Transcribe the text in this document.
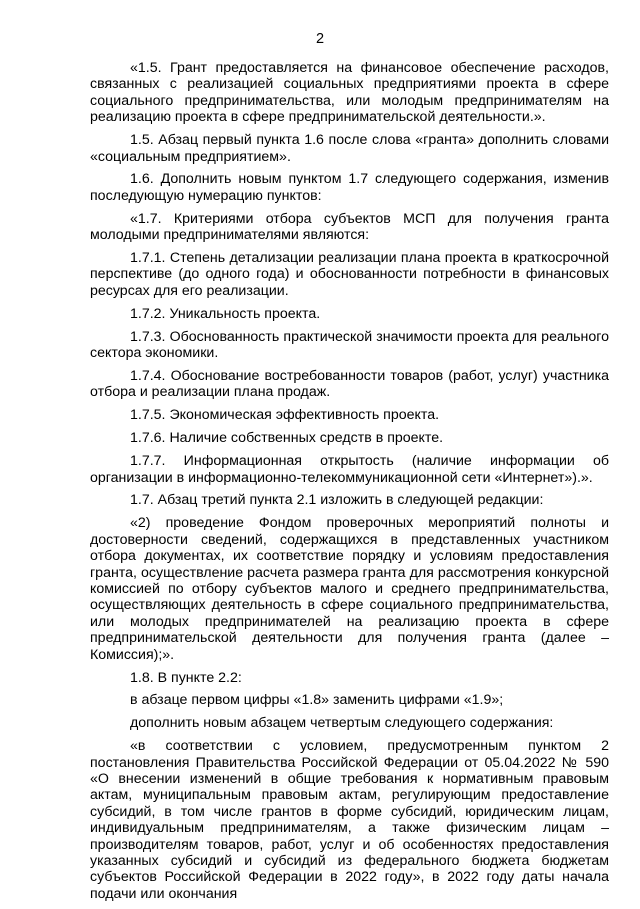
2

«1.5. Грант предоставляется на финансовое обеспечение расходов, связанных с реализацией социальных предприятиями проекта в сфере социального предпринимательства, или молодым предпринимателям на реализацию проекта в сфере предпринимательской деятельности.».

1.5. Абзац первый пункта 1.6 после слова «гранта» дополнить словами «социальным предприятием».

1.6. Дополнить новым пунктом 1.7 следующего содержания, изменив последующую нумерацию пунктов:

«1.7. Критериями отбора субъектов МСП для получения гранта молодыми предпринимателями являются:

1.7.1. Степень детализации реализации плана проекта в краткосрочной перспективе (до одного года) и обоснованности потребности в финансовых ресурсах для его реализации.

1.7.2. Уникальность проекта.

1.7.3. Обоснованность практической значимости проекта для реального сектора экономики.

1.7.4. Обоснование востребованности товаров (работ, услуг) участника отбора и реализации плана продаж.

1.7.5. Экономическая эффективность проекта.

1.7.6. Наличие собственных средств в проекте.

1.7.7. Информационная открытость (наличие информации об организации в информационно-телекоммуникационной сети «Интернет»).».

1.7. Абзац третий пункта 2.1 изложить в следующей редакции:

«2) проведение Фондом проверочных мероприятий полноты и достоверности сведений, содержащихся в представленных участником отбора документах, их соответствие порядку и условиям предоставления гранта, осуществление расчета размера гранта для рассмотрения конкурсной комиссией по отбору субъектов малого и среднего предпринимательства, осуществляющих деятельность в сфере социального предпринимательства, или молодых предпринимателей на реализацию проекта в сфере предпринимательской деятельности для получения гранта (далее – Комиссия);».

1.8. В пункте 2.2:

в абзаце первом цифры «1.8» заменить цифрами «1.9»;

дополнить новым абзацем четвертым следующего содержания:

«в соответствии с условием, предусмотренным пунктом 2 постановления Правительства Российской Федерации от 05.04.2022 № 590 «О внесении изменений в общие требования к нормативным правовым актам, муниципальным правовым актам, регулирующим предоставление субсидий, в том числе грантов в форме субсидий, юридическим лицам, индивидуальным предпринимателям, а также физическим лицам – производителям товаров, работ, услуг и об особенностях предоставления указанных субсидий и субсидий из федерального бюджета бюджетам субъектов Российской Федерации в 2022 году», в 2022 году даты начала подачи или окончания
